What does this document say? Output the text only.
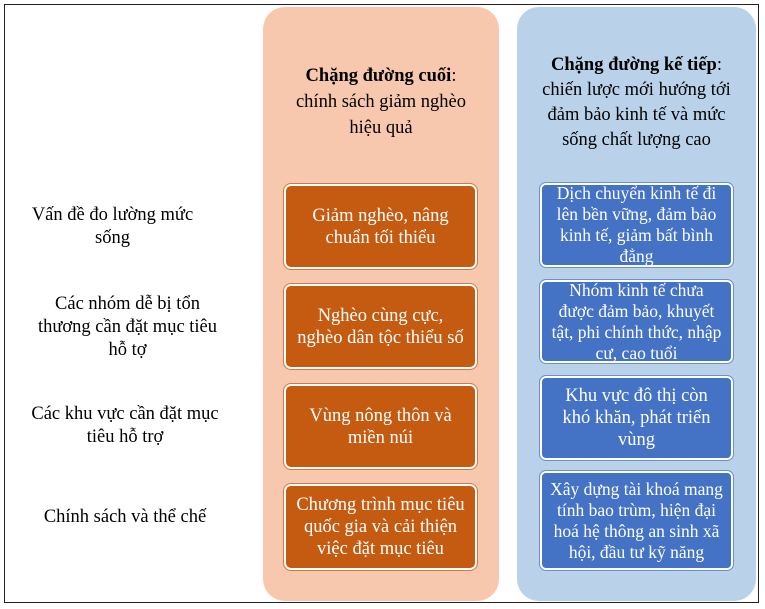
Chặng đường cuối:
chính sách giảm nghèo hiệu quả
Chặng đường kế tiếp:
chiến lược mới hướng tới đảm bảo kinh tế và mức sống chất lượng cao
Vấn đề đo lường mức sống
Các nhóm dễ bị tổn thương cần đặt mục tiêu hỗ tợ
Các khu vực cần đặt mục tiêu hỗ trợ
Chính sách và thể chế
Giảm nghèo, nâng chuẩn tối thiểu
Nghèo cùng cực, nghèo dân tộc thiểu số
Vùng nông thôn và miền núi
Chương trình mục tiêu quốc gia và cải thiện việc đặt mục tiêu
Dịch chuyển kinh tế đi lên bền vững, đảm bảo kinh tế, giảm bất bình đẳng
Nhóm kinh tế chưa được đảm bảo, khuyết tật, phi chính thức, nhập cư, cao tuổi
Khu vực đô thị còn khó khăn, phát triển vùng
Xây dựng tài khoá mang tính bao trùm, hiện đại hoá hệ thông an sinh xã hội, đầu tư kỹ năng
